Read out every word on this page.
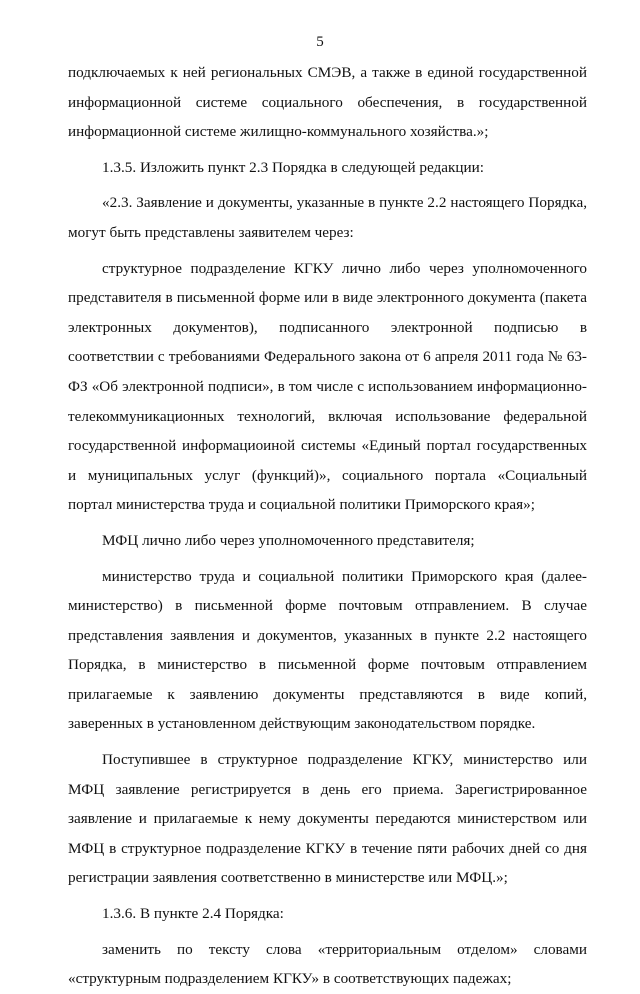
5

подключаемых к ней региональных СМЭВ, а также в единой государственной информационной системе социального обеспечения, в государственной информационной системе жилищно-коммунального хозяйства.»;

1.3.5. Изложить пункт 2.3 Порядка в следующей редакции:

«2.3. Заявление и документы, указанные в пункте 2.2 настоящего Порядка, могут быть представлены заявителем через:

структурное подразделение КГКУ лично либо через уполномоченного представителя в письменной форме или в виде электронного документа (пакета электронных документов), подписанного электронной подписью в соответствии с требованиями Федерального закона от 6 апреля 2011 года № 63-ФЗ «Об электронной подписи», в том числе с использованием информационно-телекоммуникационных технологий, включая использование федеральной государственной информациоиной системы «Единый портал государственных и муниципальных услуг (функций)», социального портала «Социальный портал министерства труда и социальной политики Приморского края»;

МФЦ лично либо через уполномоченного представителя;

министерство труда и социальной политики Приморского края (далее-министерство) в письменной форме почтовым отправлением. В случае представления заявления и документов, указанных в пункте 2.2 настоящего Порядка, в министерство в письменной форме почтовым отправлением прилагаемые к заявлению документы представляются в виде копий, заверенных в установленном действующим законодательством порядке.

Поступившее в структурное подразделение КГКУ, министерство или МФЦ заявление регистрируется в день его приема. Зарегистрированное заявление и прилагаемые к нему документы передаются министерством или МФЦ в структурное подразделение КГКУ в течение пяти рабочих дней со дня регистрации заявления соответственно в министерстве или МФЦ.»;

1.3.6. В пункте 2.4 Порядка:

заменить по тексту слова «территориальным отделом» словами «структурным подразделением КГКУ» в соответствующих падежах;
